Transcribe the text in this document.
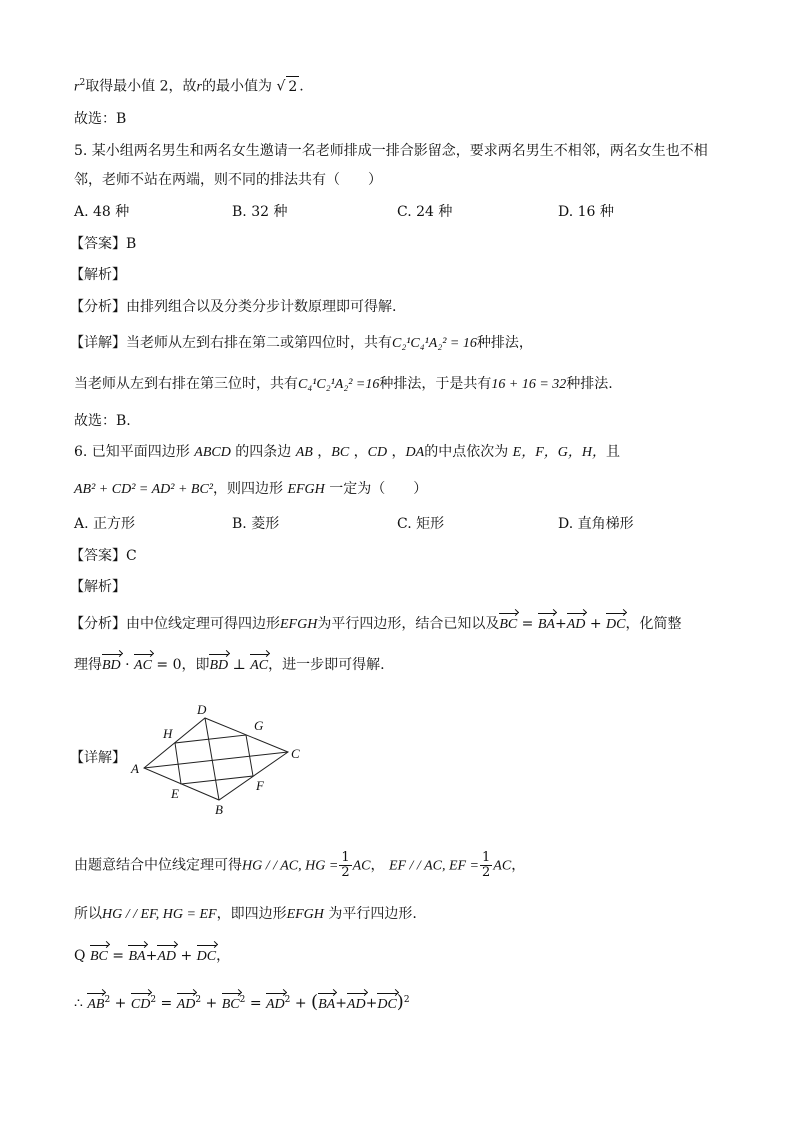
$r^2$取得最小值 2，故r的最小值为 √ 2 .
故选：B
5. 某小组两名男生和两名女生邀请一名老师排成一排合影留念，要求两名男生不相邻，两名女生也不相
邻，老师不站在两端，则不同的排法共有（　　）
A. 48 种	B. 32 种	C. 24 种	D. 16 种
【答案】B
【解析】
【分析】由排列组合以及分类分步计数原理即可得解.
【详解】当老师从左到右排在第二或第四位时，共有C₂¹C₄¹A₂² = 16种排法，
当老师从左到右排在第三位时，共有C₄¹C₂¹A₂² =16种排法，于是共有16 + 16 = 32种排法.
故选：B.
6. 已知平面四边形 ABCD 的四条边 AB ，BC ，CD ，DA的中点依次为 E，F，G，H，且
AB² + CD² = AD² + BC²，则四边形 EFGH 一定为（　　）
A. 正方形	B. 菱形	C. 矩形	D. 直角梯形
【答案】C
【解析】
【分析】由中位线定理可得四边形EFGH为平行四边形，结合已知以及BC = BA+AD + DC，化简整
理得BD · AC = 0，即BD ⊥ AC，进一步即可得解.
【详解】
A
B
C
D
E
F
G
H
由题意结合中位线定理可得HG / / AC, HG = $\frac{1}{2}$ AC， EF / / AC, EF = $\frac{1}{2}$ AC，
所以HG / / EF, HG = EF，即四边形EFGH 为平行四边形.
Q BC = BA+AD + DC，
∴ $AB^2 + CD^2 = AD^2 + BC^2 = AD^2 + (BA+AD+DC)^2$
